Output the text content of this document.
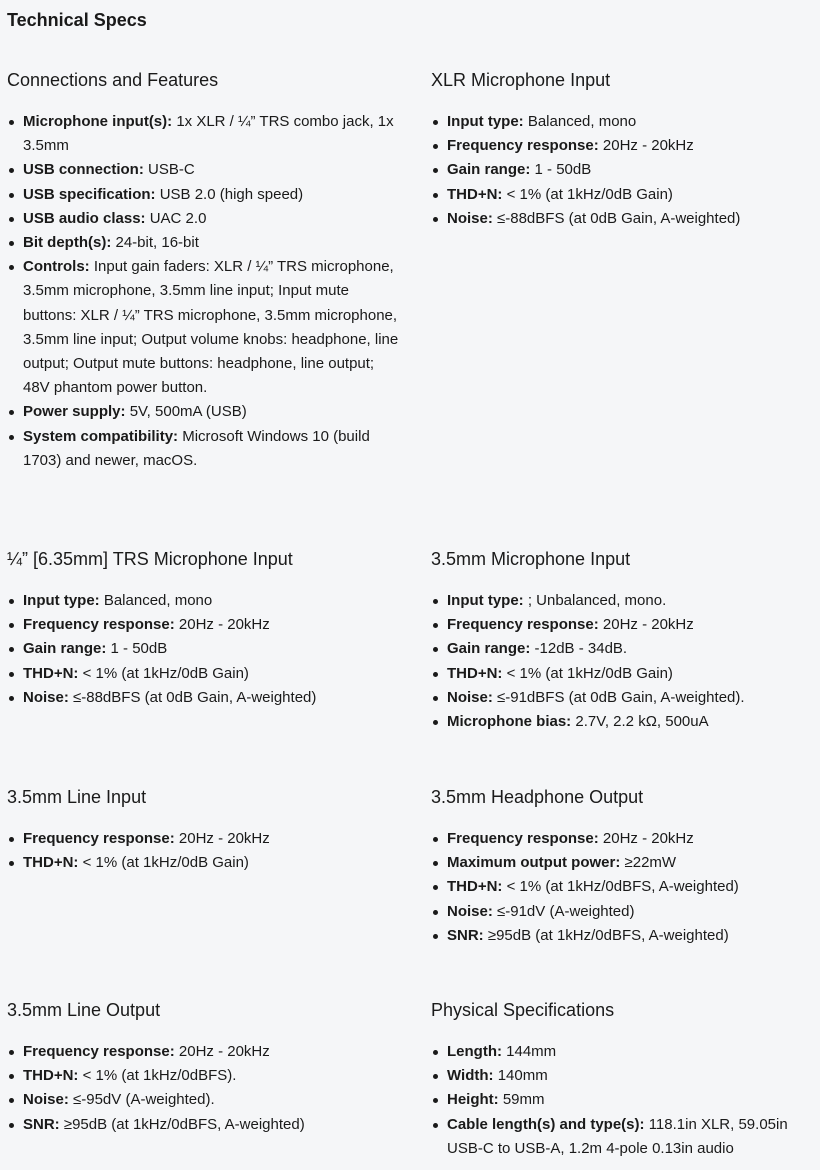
Technical Specs
Connections and Features
Microphone input(s): 1x XLR / ¼” TRS combo jack, 1x 3.5mm
USB connection: USB-C
USB specification: USB 2.0 (high speed)
USB audio class: UAC 2.0
Bit depth(s): 24-bit, 16-bit
Controls: Input gain faders: XLR / ¼” TRS microphone, 3.5mm microphone, 3.5mm line input; Input mute buttons: XLR / ¼” TRS microphone, 3.5mm microphone, 3.5mm line input; Output volume knobs: headphone, line output; Output mute buttons: headphone, line output; 48V phantom power button.
Power supply: 5V, 500mA (USB)
System compatibility: Microsoft Windows 10 (build 1703) and newer, macOS.
XLR Microphone Input
Input type: Balanced, mono
Frequency response: 20Hz - 20kHz
Gain range: 1 - 50dB
THD+N: < 1% (at 1kHz/0dB Gain)
Noise: ≤-88dBFS (at 0dB Gain, A-weighted)
¼” [6.35mm] TRS Microphone Input
Input type: Balanced, mono
Frequency response: 20Hz - 20kHz
Gain range: 1 - 50dB
THD+N: < 1% (at 1kHz/0dB Gain)
Noise: ≤-88dBFS (at 0dB Gain, A-weighted)
3.5mm Microphone Input
Input type: ; Unbalanced, mono.
Frequency response: 20Hz - 20kHz
Gain range: -12dB - 34dB.
THD+N: < 1% (at 1kHz/0dB Gain)
Noise: ≤-91dBFS (at 0dB Gain, A-weighted).
Microphone bias: 2.7V, 2.2 kΩ, 500uA
3.5mm Line Input
Frequency response: 20Hz - 20kHz
THD+N: < 1% (at 1kHz/0dB Gain)
3.5mm Headphone Output
Frequency response: 20Hz - 20kHz
Maximum output power: ≥22mW
THD+N: < 1% (at 1kHz/0dBFS, A-weighted)
Noise: ≤-91dV (A-weighted)
SNR: ≥95dB (at 1kHz/0dBFS, A-weighted)
3.5mm Line Output
Frequency response: 20Hz - 20kHz
THD+N: < 1% (at 1kHz/0dBFS).
Noise: ≤-95dV (A-weighted).
SNR: ≥95dB (at 1kHz/0dBFS, A-weighted)
Physical Specifications
Length: 144mm
Width: 140mm
Height: 59mm
Cable length(s) and type(s): 118.1in XLR, 59.05in USB-C to USB-A, 1.2m 4-pole 0.13in audio
